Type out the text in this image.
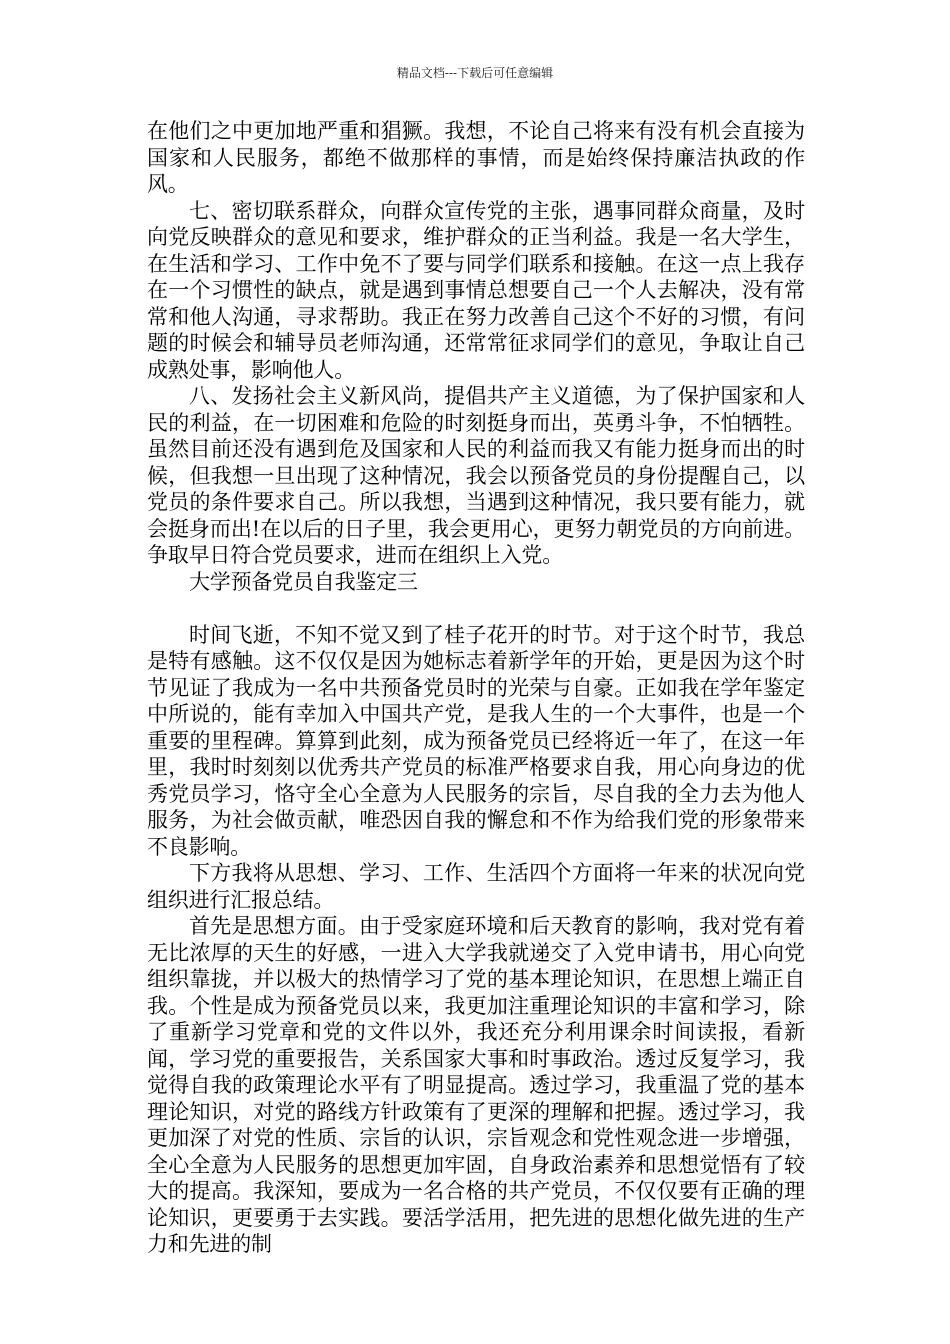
精品文档---下载后可任意编辑

在他们之中更加地严重和猖獗。我想，不论自己将来有没有机会直接为国家和人民服务，都绝不做那样的事情，而是始终保持廉洁执政的作风。

七、密切联系群众，向群众宣传党的主张，遇事同群众商量，及时向党反映群众的意见和要求，维护群众的正当利益。我是一名大学生，在生活和学习、工作中免不了要与同学们联系和接触。在这一点上我存在一个习惯性的缺点，就是遇到事情总想要自己一个人去解决，没有常常和他人沟通，寻求帮助。我正在努力改善自己这个不好的习惯，有问题的时候会和辅导员老师沟通，还常常征求同学们的意见，争取让自己成熟处事，影响他人。

八、发扬社会主义新风尚，提倡共产主义道德，为了保护国家和人民的利益，在一切困难和危险的时刻挺身而出，英勇斗争，不怕牺牲。虽然目前还没有遇到危及国家和人民的利益而我又有能力挺身而出的时候，但我想一旦出现了这种情况，我会以预备党员的身份提醒自己，以党员的条件要求自己。所以我想，当遇到这种情况，我只要有能力，就会挺身而出!在以后的日子里，我会更用心，更努力朝党员的方向前进。争取早日符合党员要求，进而在组织上入党。

大学预备党员自我鉴定三

时间飞逝，不知不觉又到了桂子花开的时节。对于这个时节，我总是特有感触。这不仅仅是因为她标志着新学年的开始，更是因为这个时节见证了我成为一名中共预备党员时的光荣与自豪。正如我在学年鉴定中所说的，能有幸加入中国共产党，是我人生的一个大事件，也是一个重要的里程碑。算算到此刻，成为预备党员已经将近一年了，在这一年里，我时时刻刻以优秀共产党员的标准严格要求自我，用心向身边的优秀党员学习，恪守全心全意为人民服务的宗旨，尽自我的全力去为他人服务，为社会做贡献，唯恐因自我的懈怠和不作为给我们党的形象带来不良影响。

下方我将从思想、学习、工作、生活四个方面将一年来的状况向党组织进行汇报总结。

首先是思想方面。由于受家庭环境和后天教育的影响，我对党有着无比浓厚的天生的好感，一进入大学我就递交了入党申请书，用心向党组织靠拢，并以极大的热情学习了党的基本理论知识，在思想上端正自我。个性是成为预备党员以来，我更加注重理论知识的丰富和学习，除了重新学习党章和党的文件以外，我还充分利用课余时间读报，看新闻，学习党的重要报告，关系国家大事和时事政治。透过反复学习，我觉得自我的政策理论水平有了明显提高。透过学习，我重温了党的基本理论知识，对党的路线方针政策有了更深的理解和把握。透过学习，我更加深了对党的性质、宗旨的认识，宗旨观念和党性观念进一步增强，全心全意为人民服务的思想更加牢固，自身政治素养和思想觉悟有了较大的提高。我深知，要成为一名合格的共产党员，不仅仅要有正确的理论知识，更要勇于去实践。要活学活用，把先进的思想化做先进的生产力和先进的制
